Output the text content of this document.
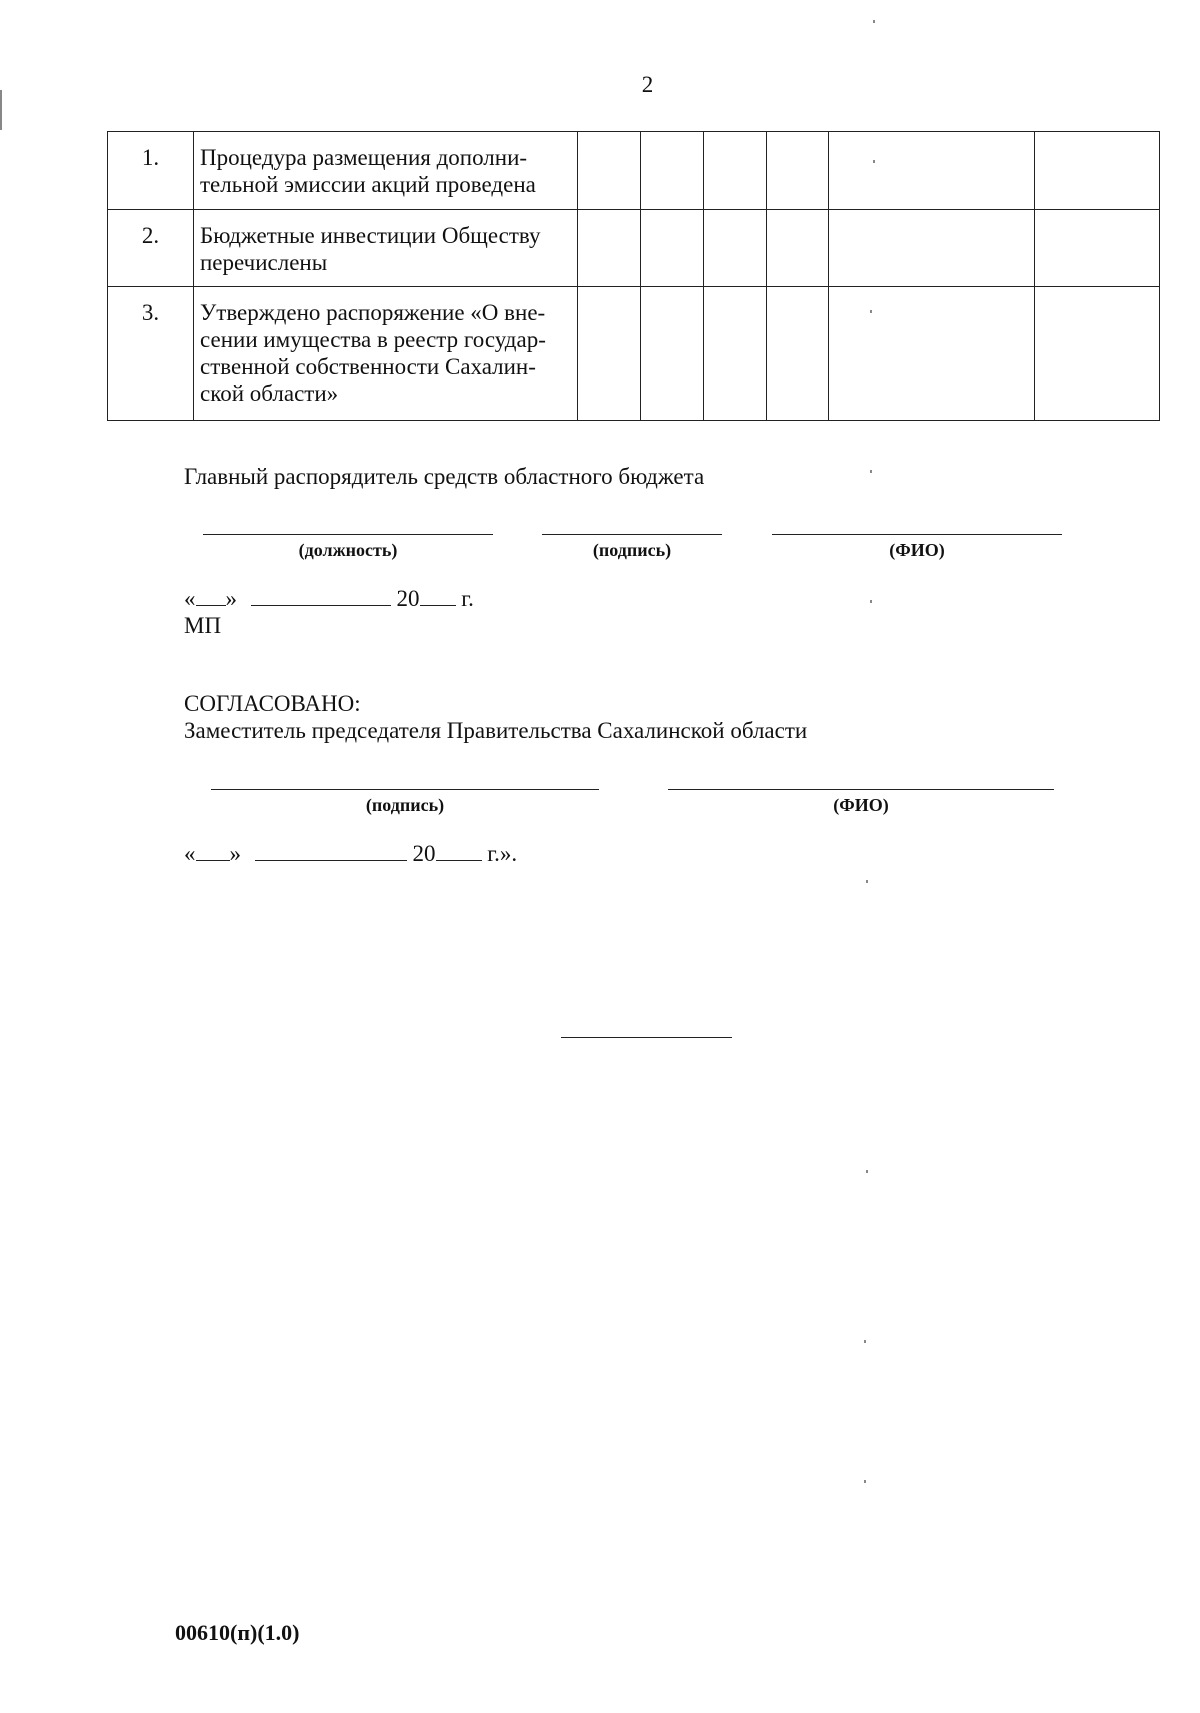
2
1.	Процедура размещения дополни-
тельной эмиссии акций проведена						

2.	Бюджетные инвестиции Обществу
перечислены						

3.	Утверждено распоряжение «О вне-
сении имущества в реестр государ-
ственной собственности Сахалин-
ской области»						

Главный распорядитель средств областного бюджета
(должность)	(подпись)	(ФИО)
« »	20 г.
МП
СОГЛАСОВАНО:
Заместитель председателя Правительства Сахалинской области
(подпись)	(ФИО)
« »	20 г.».
00610(п)(1.0)
